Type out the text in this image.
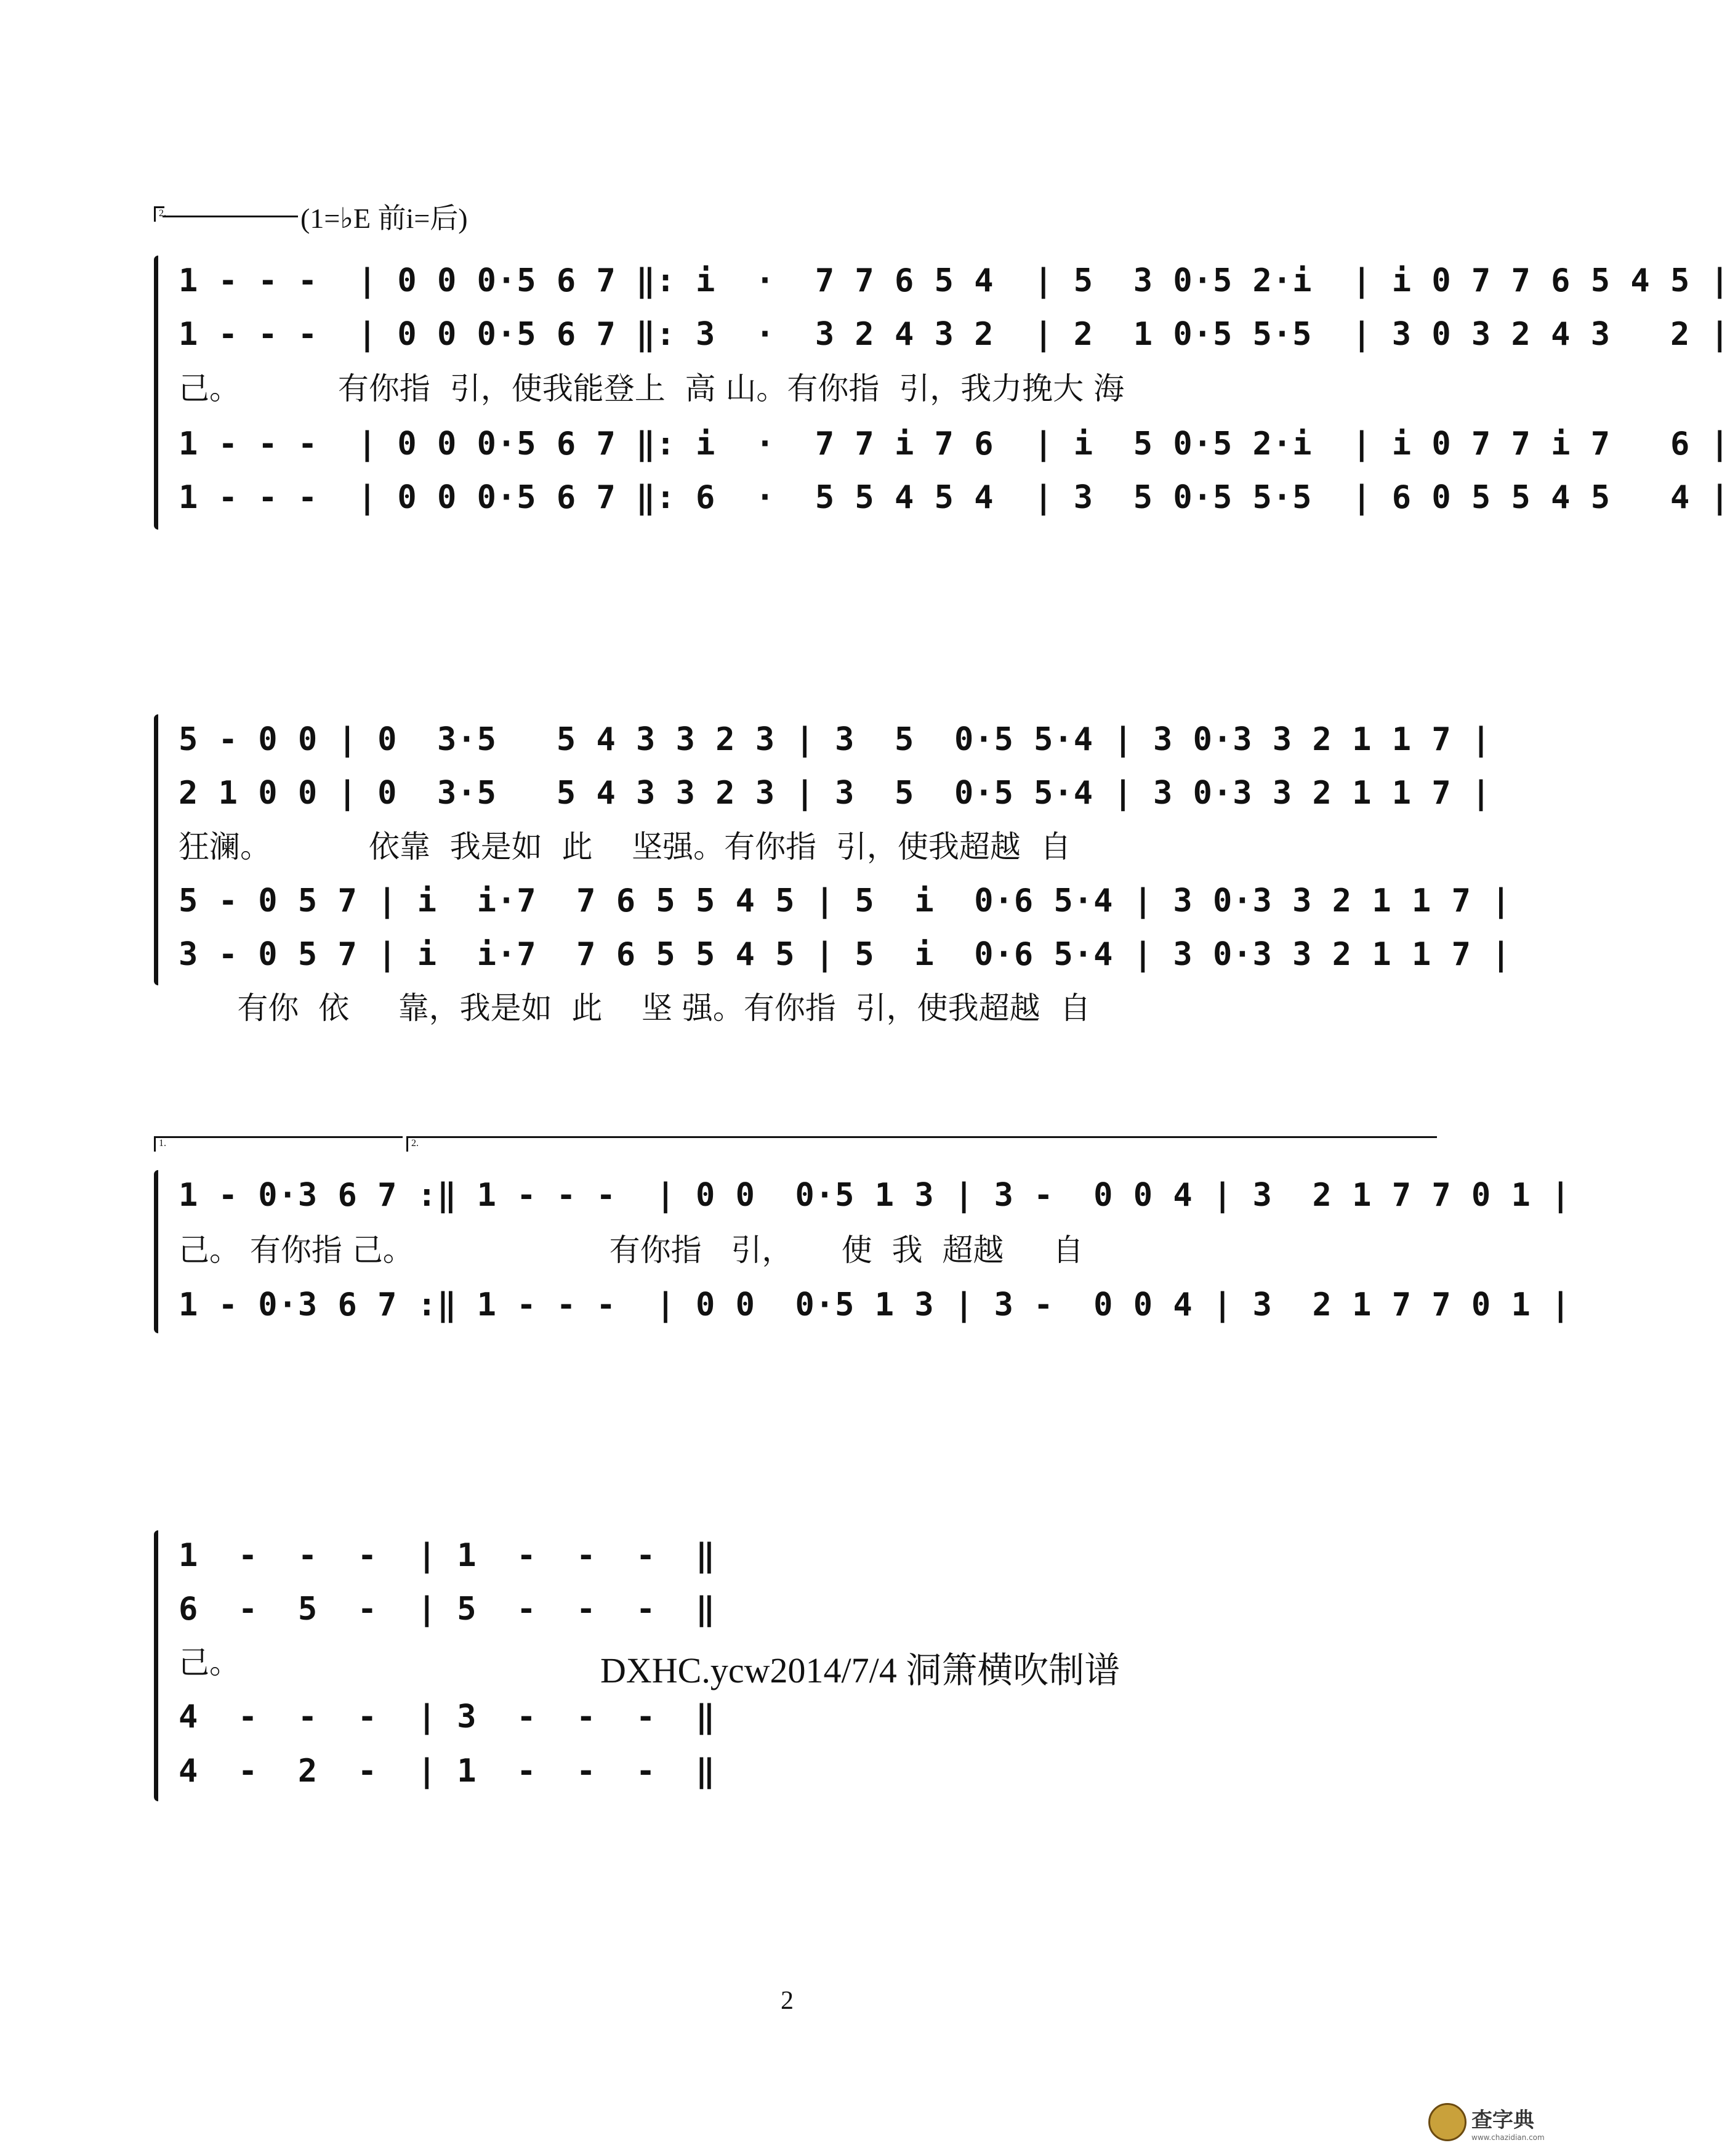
2.	(1=♭E 前i=后)
1 - - -  | 0 0 0·5 6 7 ‖: i  ·  7 7 6 5 4  | 5  3 0·5 2·i  | i 0 7 7 6 5 4 5 |
1 - - -  | 0 0 0·5 6 7 ‖: 3  ·  3 2 4 3 2  | 2  1 0·5 5·5  | 3 0 3 2 4 3   2 |
己。          有你指  引，使我能登上  高 山。有你指  引，我力挽大 海
1 - - -  | 0 0 0·5 6 7 ‖: i  ·  7 7 i 7 6  | i  5 0·5 2·i  | i 0 7 7 i 7   6 |
1 - - -  | 0 0 0·5 6 7 ‖: 6  ·  5 5 4 5 4  | 3  5 0·5 5·5  | 6 0 5 5 4 5   4 |
5 - 0 0 | 0  3·5   5 4 3 3 2 3 | 3  5  0·5 5·4 | 3 0·3 3 2 1 1 7 |
2 1 0 0 | 0  3·5   5 4 3 3 2 3 | 3  5  0·5 5·4 | 3 0·3 3 2 1 1 7 |
狂澜。          依靠  我是如  此    坚强。有你指  引，使我超越  自
5 - 0 5 7 | i  i·7  7 6 5 5 4 5 | 5  i  0·6 5·4 | 3 0·3 3 2 1 1 7 |
3 - 0 5 7 | i  i·7  7 6 5 5 4 5 | 5  i  0·6 5·4 | 3 0·3 3 2 1 1 7 |
有你  依     靠，我是如  此    坚 强。有你指  引，使我超越  自
1.	2.
1 - 0·3 6 7 :‖ 1 - - -  | 0 0  0·5 1 3 | 3 -  0 0 4 | 3  2 1 7 7 0 1 |
己。 有你指 己。                    有你指   引，     使  我  超越     自
1 - 0·3 6 7 :‖ 1 - - -  | 0 0  0·5 1 3 | 3 -  0 0 4 | 3  2 1 7 7 0 1 |
1  -  -  -  | 1  -  -  -  ‖
6  -  5  -  | 5  -  -  -  ‖
己。	DXHC.ycw2014/7/4 洞箫横吹制谱
4  -  -  -  | 3  -  -  -  ‖
4  -  2  -  | 1  -  -  -  ‖
2
查字典
www.chazidian.com
